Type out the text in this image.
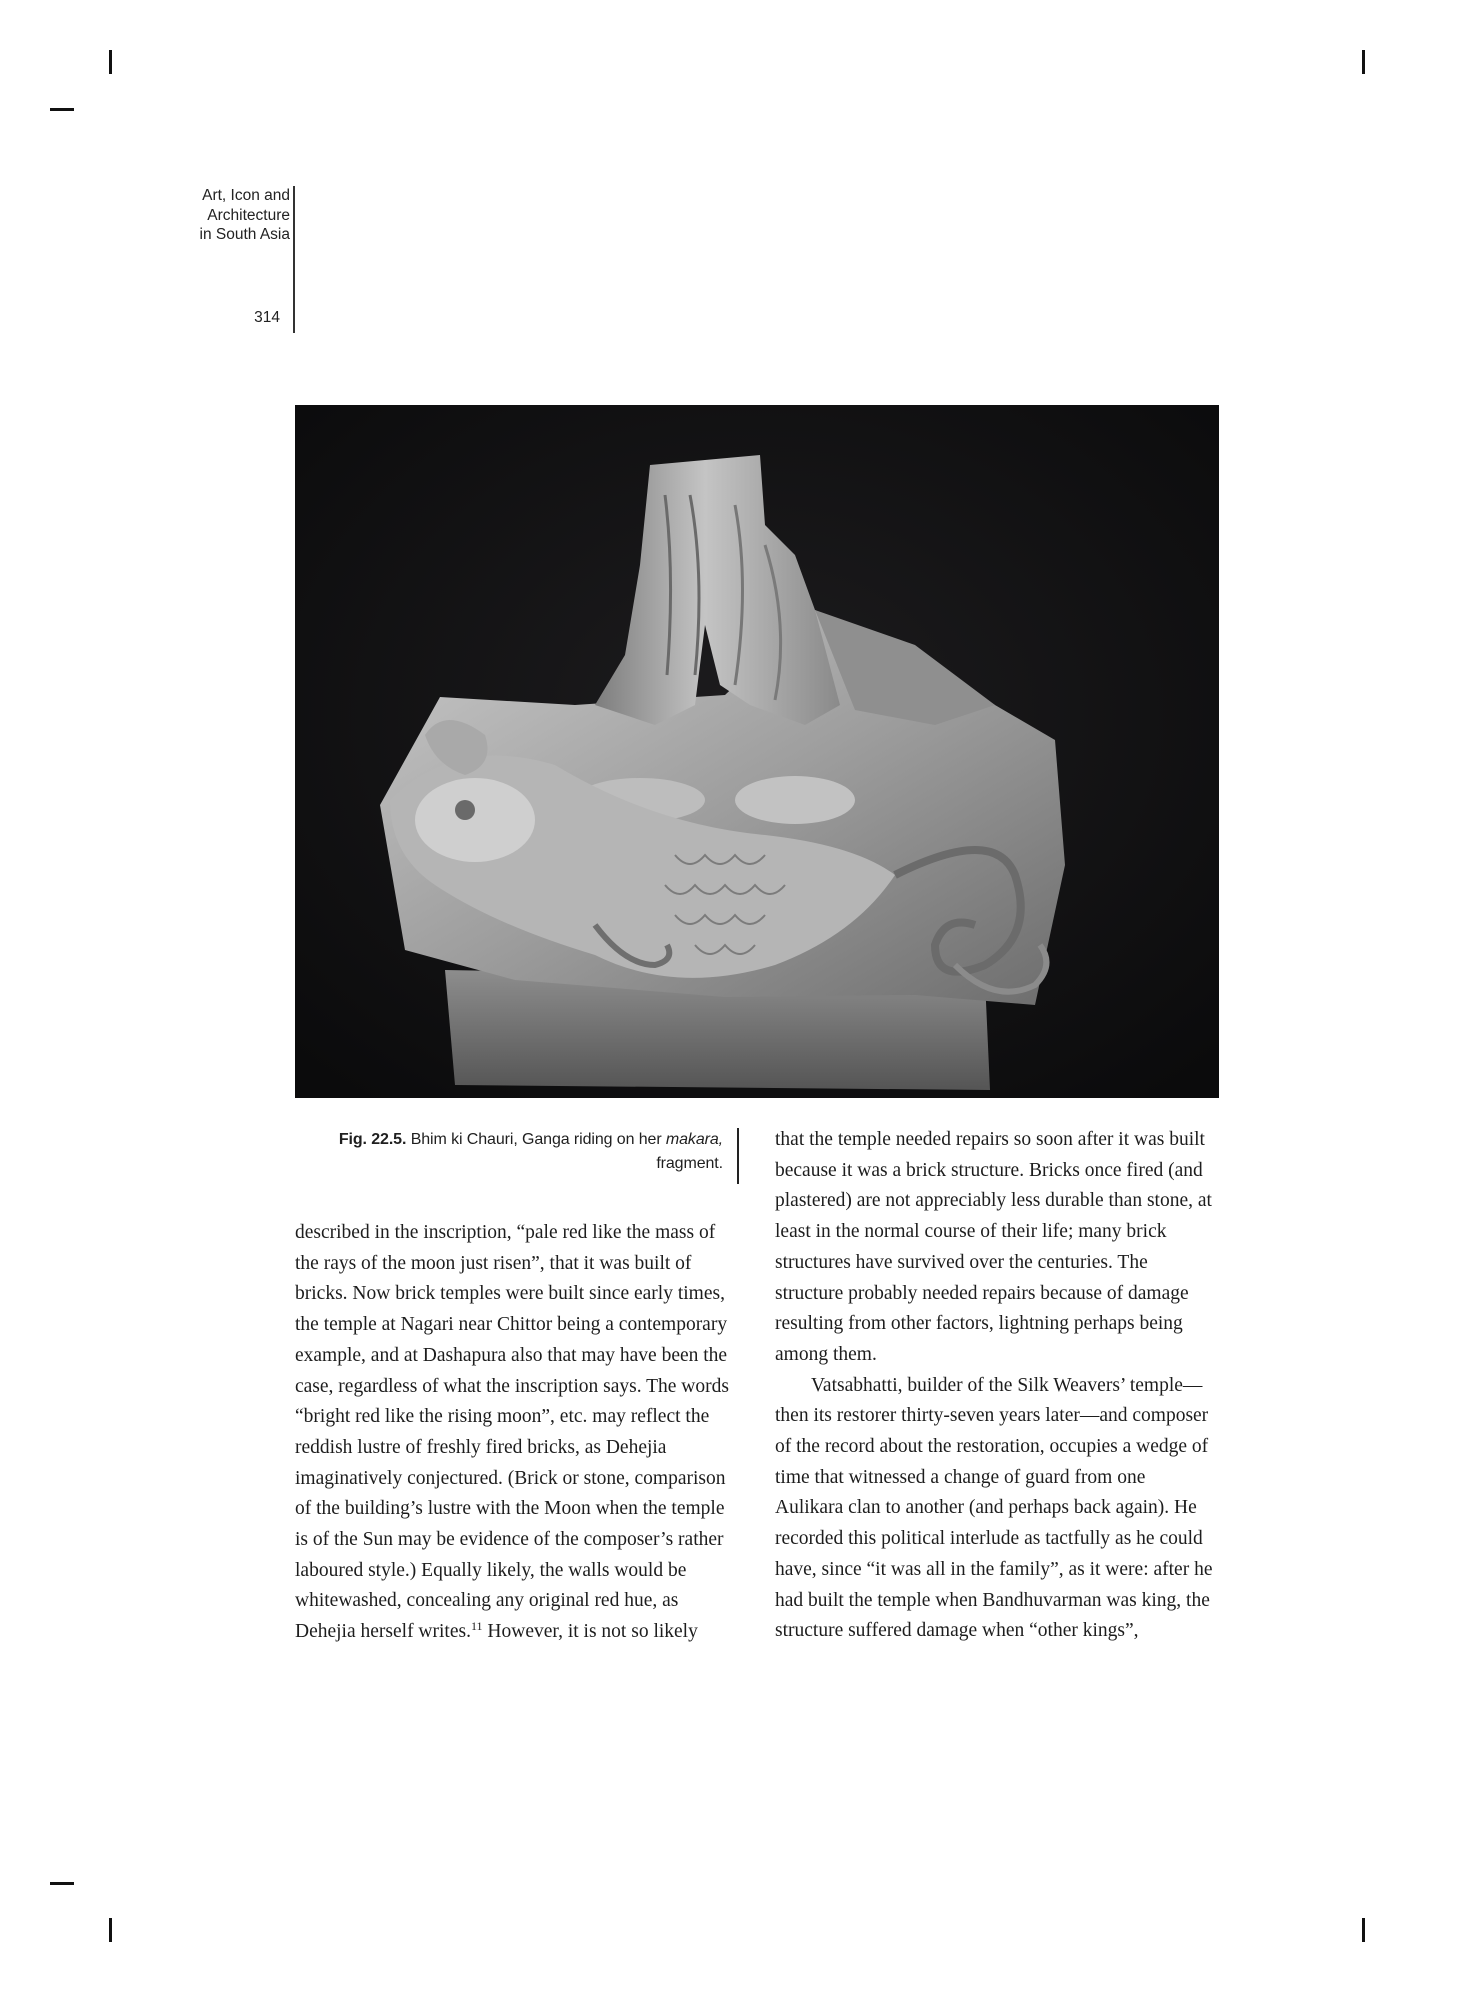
Art, Icon and
Architecture
in South Asia
314
Fig. 22.5. Bhim ki Chauri, Ganga riding on her makara,
fragment.

described in the inscription, “pale red like the mass of the rays of the moon just risen”, that it was built of bricks. Now brick temples were built since early times, the temple at Nagari near Chittor being a contemporary example, and at Dashapura also that may have been the case, regardless of what the inscription says. The words “bright red like the rising moon”, etc. may reflect the reddish lustre of freshly fired bricks, as Dehejia imaginatively conjectured. (Brick or stone, comparison of the building’s lustre with the Moon when the temple is of the Sun may be evidence of the composer’s rather laboured style.) Equally likely, the walls would be whitewashed, concealing any original red hue, as Dehejia herself writes.$^{11}$ However, it is not so likely

that the temple needed repairs so soon after it was built because it was a brick structure. Bricks once fired (and plastered) are not appreciably less durable than stone, at least in the normal course of their life; many brick structures have survived over the centuries. The structure probably needed repairs because of damage resulting from other factors, lightning perhaps being among them.

Vatsabhatti, builder of the Silk Weavers’ temple—then its restorer thirty-seven years later—and composer of the record about the restoration, occupies a wedge of time that witnessed a change of guard from one Aulikara clan to another (and perhaps back again). He recorded this political interlude as tactfully as he could have, since “it was all in the family”, as it were: after he had built the temple when Bandhuvarman was king, the structure suffered damage when “other kings”,
